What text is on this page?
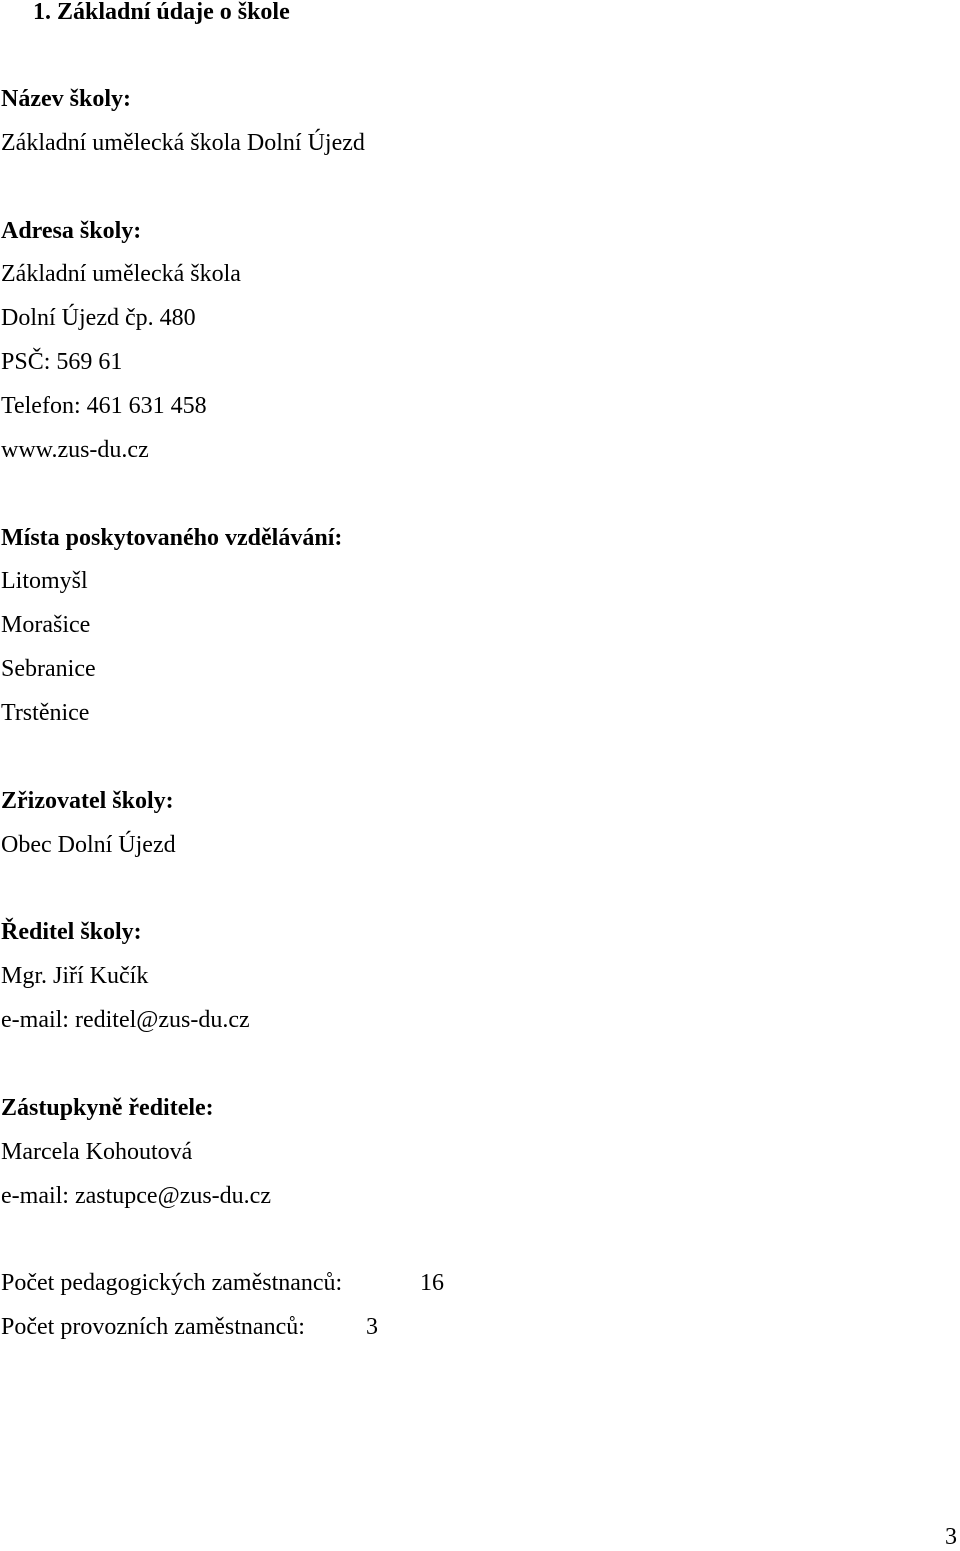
1. Základní údaje o škole
Název školy:
Základní umělecká škola Dolní Újezd
Adresa školy:
Základní umělecká škola
Dolní Újezd čp. 480
PSČ: 569 61
Telefon: 461 631 458
www.zus-du.cz
Místa poskytovaného vzdělávání:
Litomyšl
Morašice
Sebranice
Trstěnice
Zřizovatel školy:
Obec Dolní Újezd
Ředitel školy:
Mgr. Jiří Kučík
e-mail: reditel@zus-du.cz
Zástupkyně ředitele:
Marcela Kohoutová
e-mail: zastupce@zus-du.cz
Počet pedagogických zaměstnanců:	16
Počet provozních zaměstnanců:	3
3
